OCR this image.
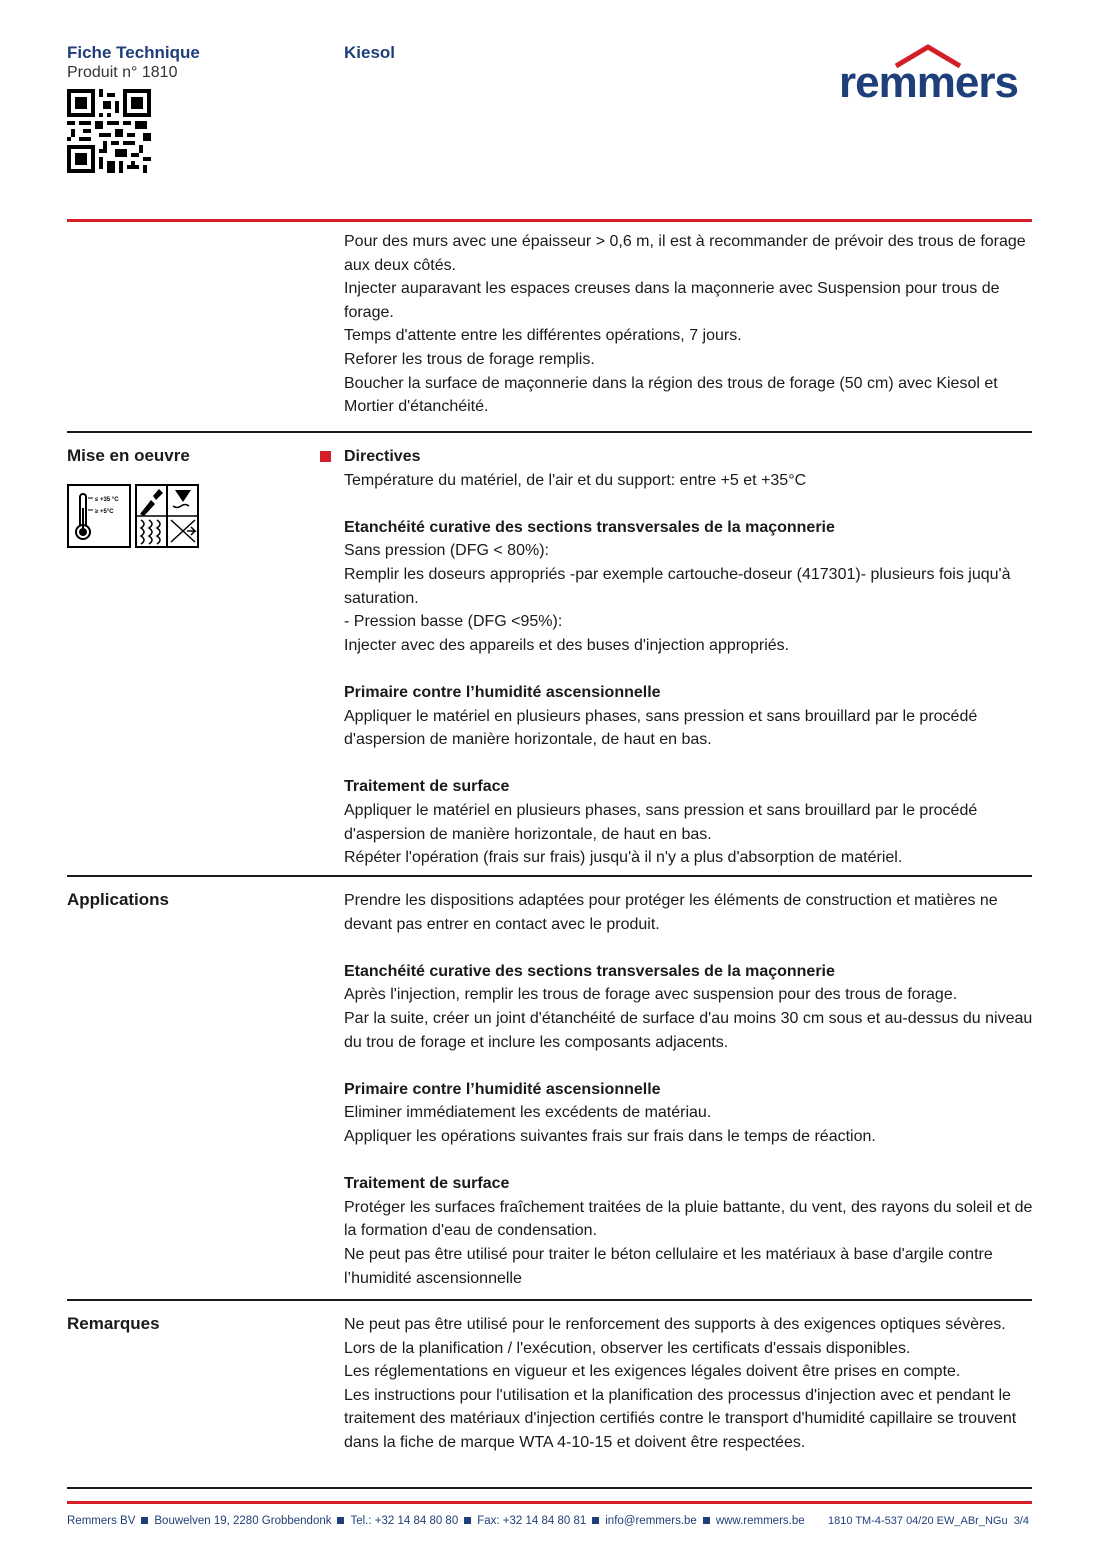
Fiche Technique
Produit n° 1810
Kiesol
remmers

Pour des murs avec une épaisseur > 0,6 m, il est à recommander de prévoir des trous de forage aux deux côtés.

Injecter auparavant les espaces creuses dans la maçonnerie avec Suspension pour trous de forage.

Temps d'attente entre les différentes opérations, 7 jours.

Reforer les trous de forage remplis.

Boucher la surface de maçonnerie dans la région des trous de forage (50 cm) avec Kiesol et Mortier d'étanchéité.

Mise en oeuvre
≤ +35 °C
≥ +5°C

Directives

Température du matériel, de l'air et du support: entre +5 et +35°C

Etanchéité curative des sections transversales de la maçonnerie

Sans pression (DFG < 80%):

Remplir les doseurs appropriés -par exemple cartouche-doseur (417301)- plusieurs fois juqu'à saturation.

- Pression basse (DFG <95%):

Injecter avec des appareils et des buses d'injection appropriés.

Primaire contre l’humidité ascensionnelle

Appliquer le matériel en plusieurs phases, sans pression et sans brouillard par le procédé d'aspersion de manière horizontale, de haut en bas.

Traitement de surface

Appliquer le matériel en plusieurs phases, sans pression et sans brouillard par le procédé d'aspersion de manière horizontale, de haut en bas.

Répéter l'opération (frais sur frais) jusqu'à il n'y a plus d'absorption de matériel.

Applications	Prendre les dispositions adaptées pour protéger les éléments de construction et matières ne devant pas entrer en contact avec le produit.

Etanchéité curative des sections transversales de la maçonnerie

Après l'injection, remplir les trous de forage avec suspension pour des trous de forage.

Par la suite, créer un joint d'étanchéité de surface d'au moins 30 cm sous et au-dessus du niveau du trou de forage et inclure les composants adjacents.

Primaire contre l’humidité ascensionnelle

Eliminer immédiatement les excédents de matériau.

Appliquer les opérations suivantes frais sur frais dans le temps de réaction.

Traitement de surface

Protéger les surfaces fraîchement traitées de la pluie battante, du vent, des rayons du soleil et de la formation d'eau de condensation.

Ne peut pas être utilisé pour traiter le béton cellulaire et les matériaux à base d'argile contre l’humidité ascensionnelle

Remarques	Ne peut pas être utilisé pour le renforcement des supports à des exigences optiques sévères.

Lors de la planification / l'exécution, observer les certificats d'essais disponibles.

Les réglementations en vigueur et les exigences légales doivent être prises en compte.

Les instructions pour l'utilisation et la planification des processus d'injection avec et pendant le traitement des matériaux d'injection certifiés contre le transport d'humidité capillaire se trouvent dans la fiche de marque WTA 4-10-15 et doivent être respectées.

Remmers BV Bouwelven 19, 2280 Grobbendonk Tel.: +32 14 84 80 80 Fax: +32 14 84 80 81 info@remmers.be www.remmers.be 1810 TM-4-537 04/20 EW_ABr_NGu 3/4
